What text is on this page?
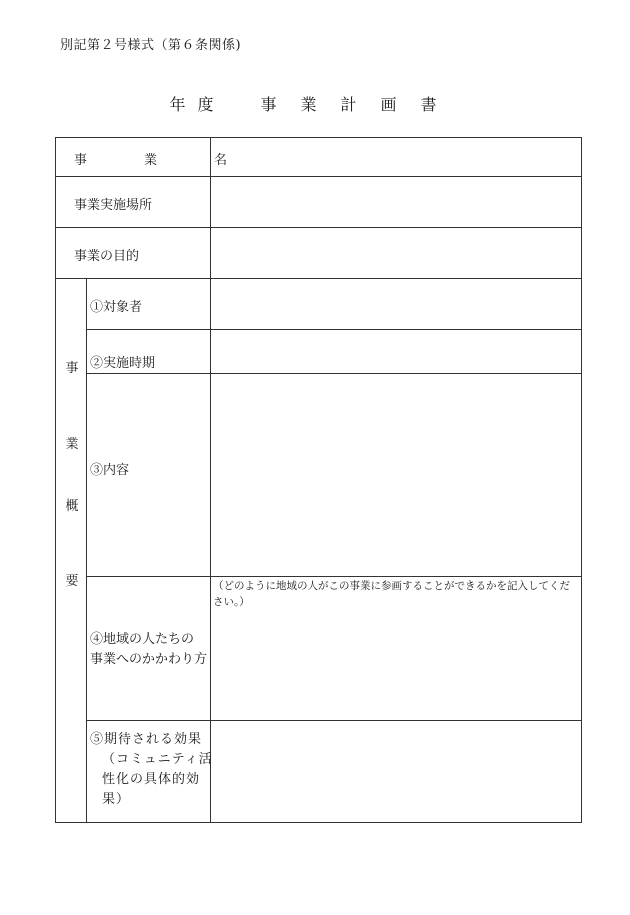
別記第２号様式（第６条関係)
年度 事業計画書
事　業　名
事業実施場所
事業の目的
事
業
概
要
①対象者
②実施時期
③内容
④地域の人たちの
事業へのかかわり方
（どのように地域の人がこの事業に参画することができるかを記入してください。）
⑤期待される効果
（コミュニティ活
性化の具体的効
果）
